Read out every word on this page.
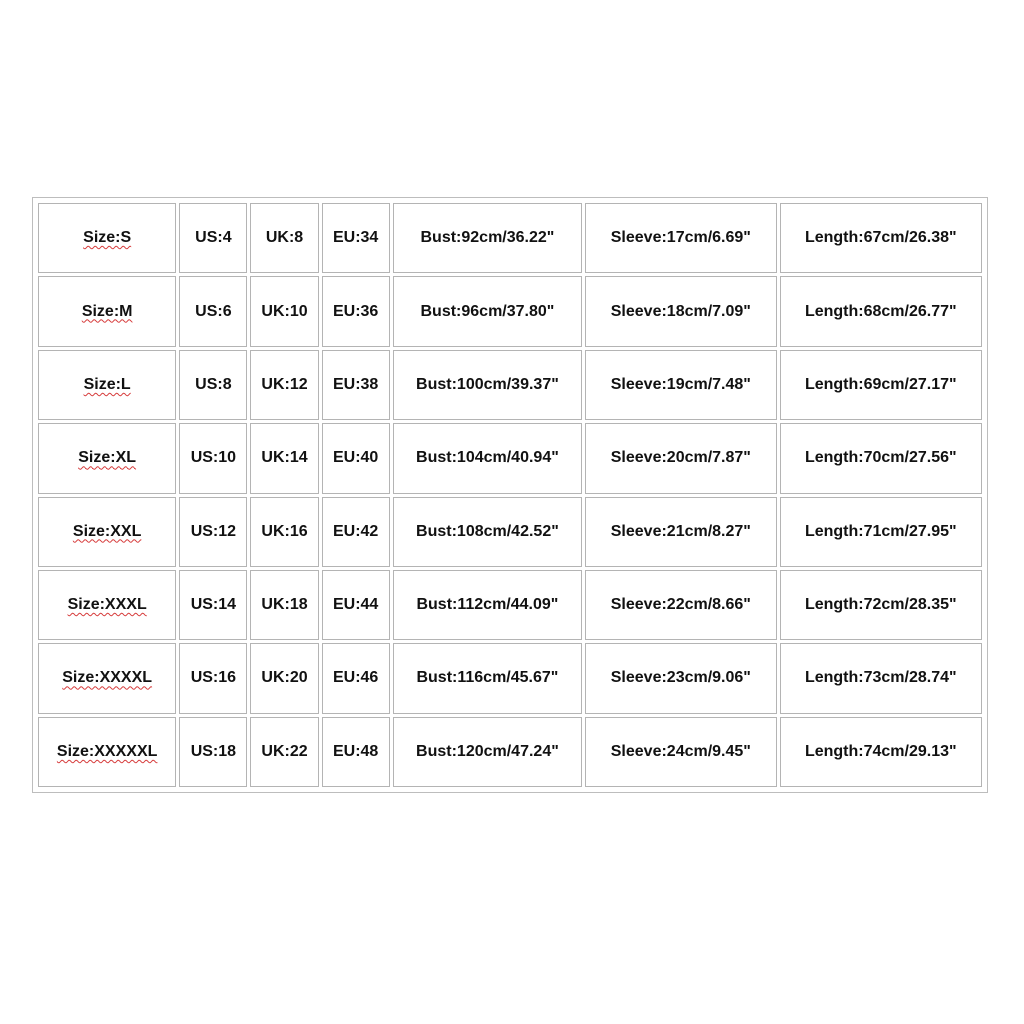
Size:S	US:4	UK:8	EU:34	Bust:92cm/36.22"	Sleeve:17cm/6.69"	Length:67cm/26.38"
Size:M	US:6	UK:10	EU:36	Bust:96cm/37.80"	Sleeve:18cm/7.09"	Length:68cm/26.77"
Size:L	US:8	UK:12	EU:38	Bust:100cm/39.37"	Sleeve:19cm/7.48"	Length:69cm/27.17"
Size:XL	US:10	UK:14	EU:40	Bust:104cm/40.94"	Sleeve:20cm/7.87"	Length:70cm/27.56"
Size:XXL	US:12	UK:16	EU:42	Bust:108cm/42.52"	Sleeve:21cm/8.27"	Length:71cm/27.95"
Size:XXXL	US:14	UK:18	EU:44	Bust:112cm/44.09"	Sleeve:22cm/8.66"	Length:72cm/28.35"
Size:XXXXL	US:16	UK:20	EU:46	Bust:116cm/45.67"	Sleeve:23cm/9.06"	Length:73cm/28.74"
Size:XXXXXL	US:18	UK:22	EU:48	Bust:120cm/47.24"	Sleeve:24cm/9.45"	Length:74cm/29.13"
